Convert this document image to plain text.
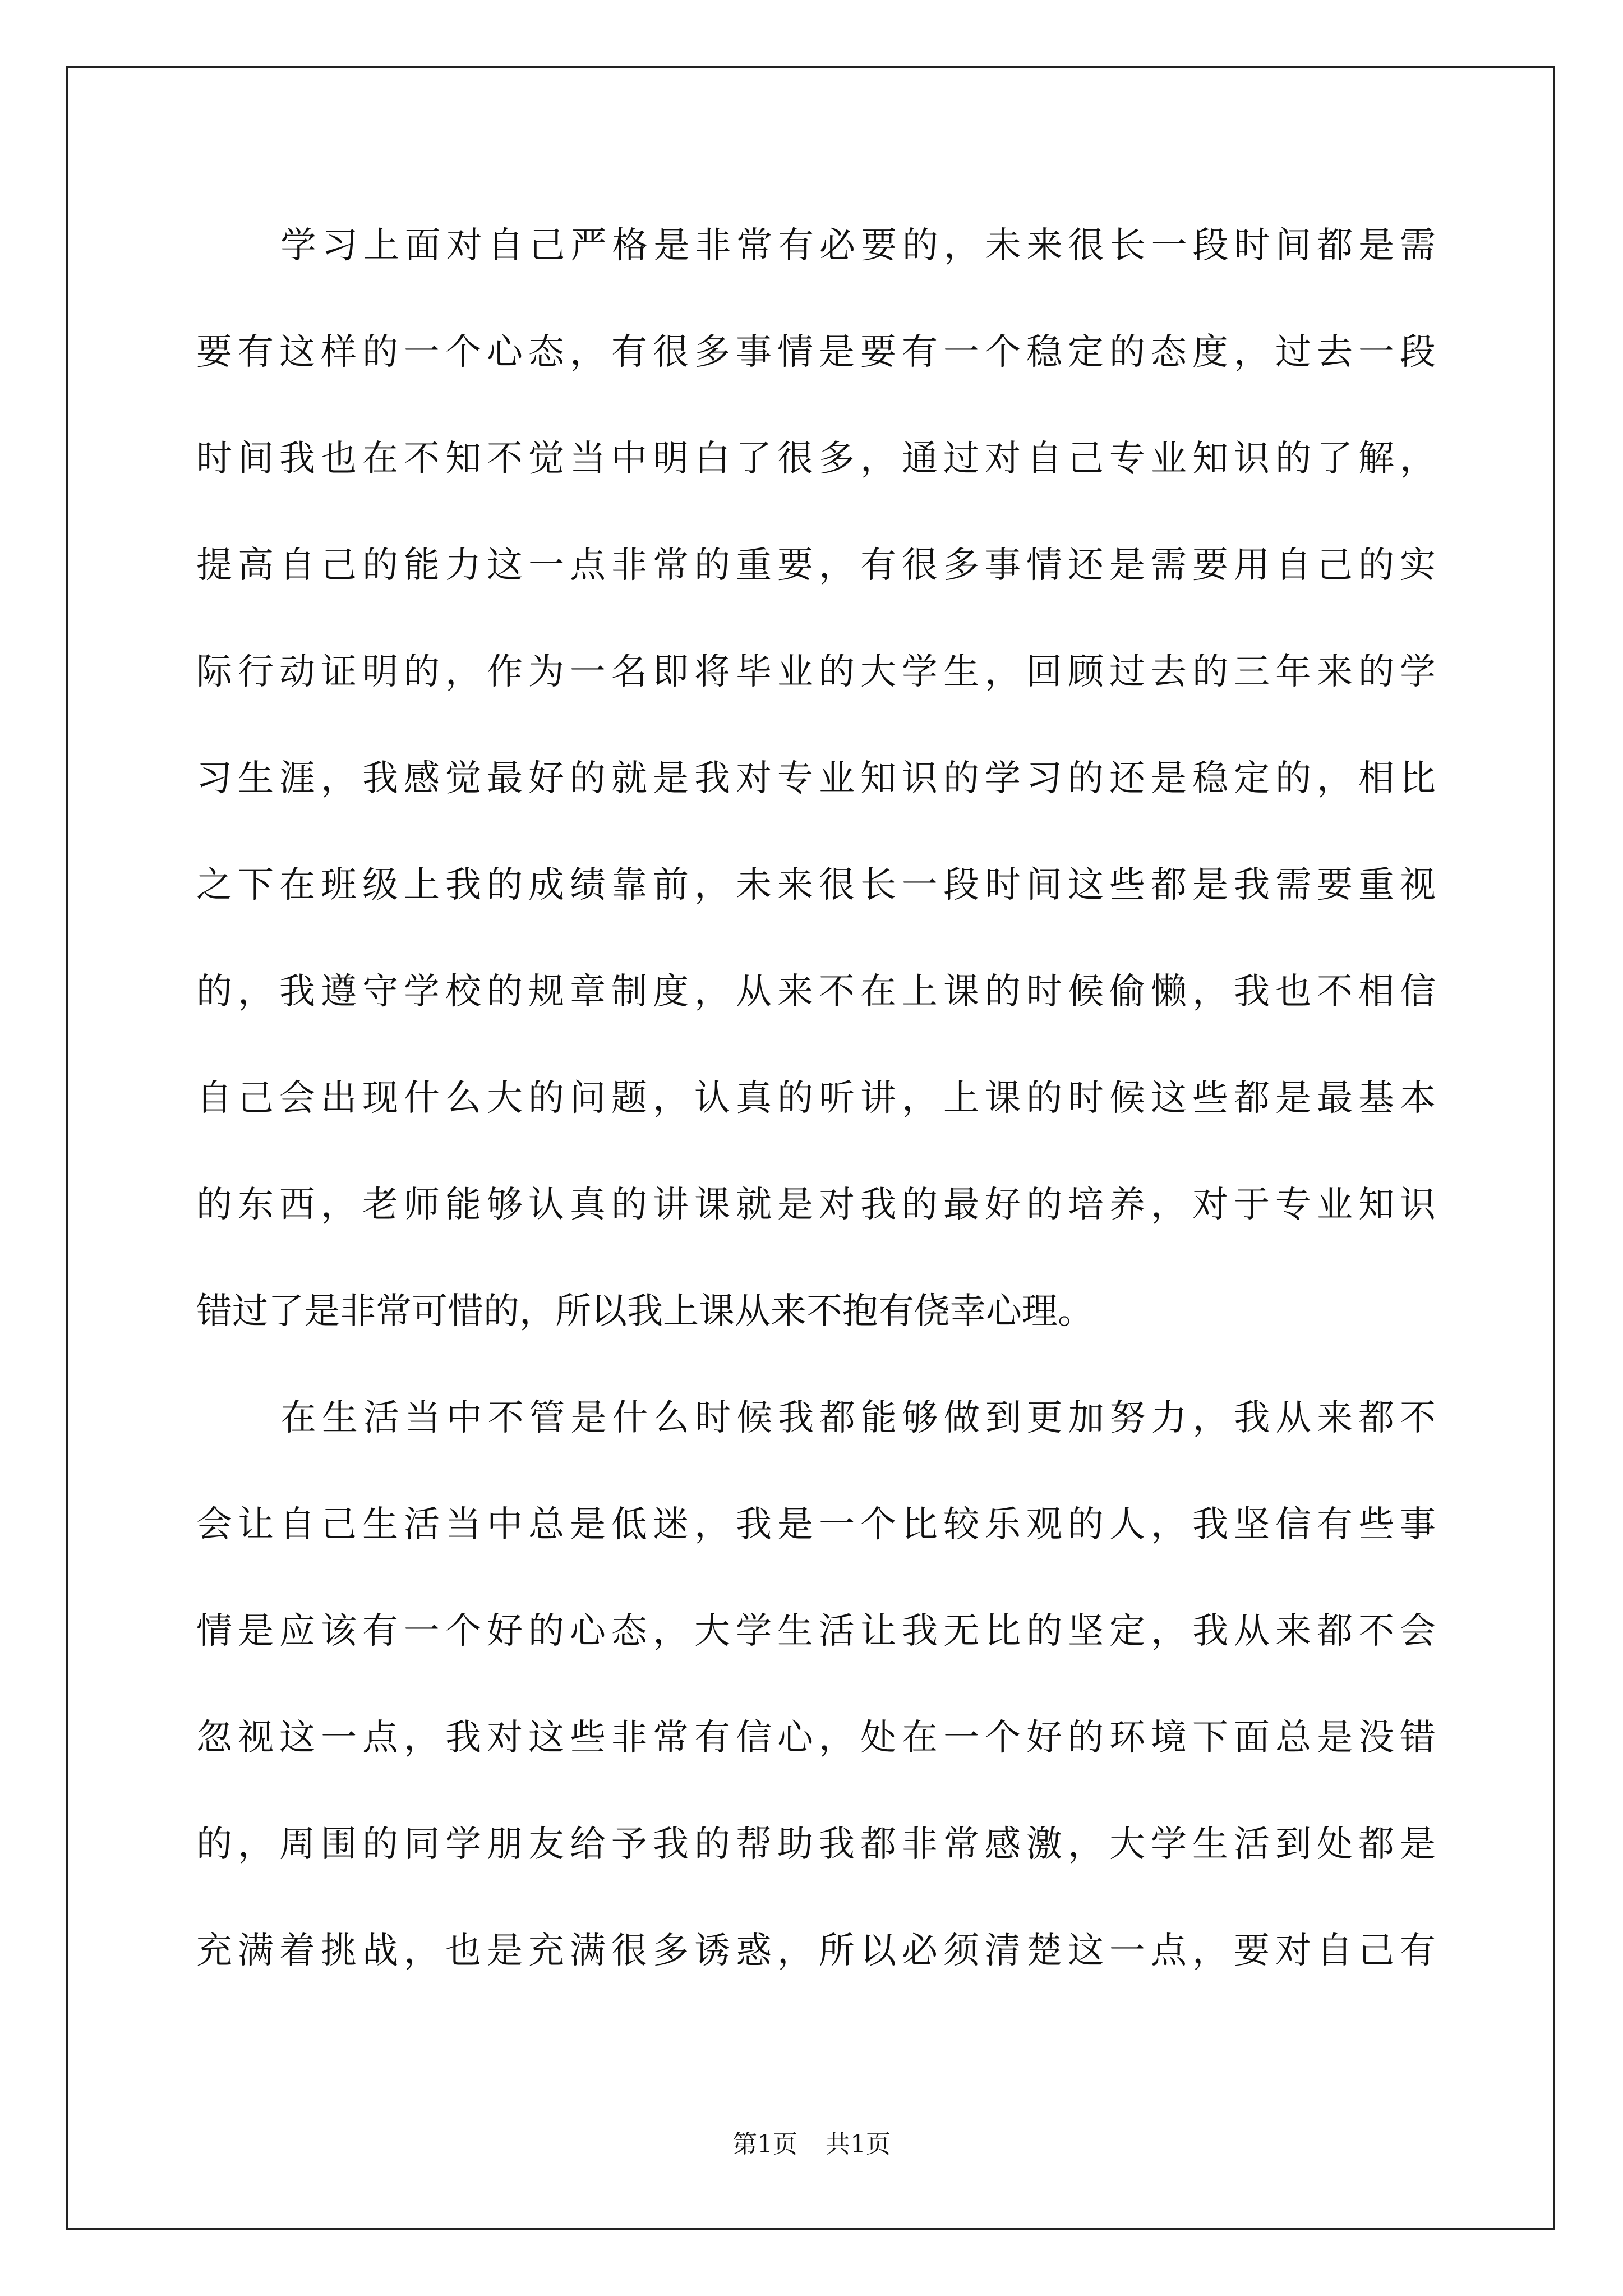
学习上面对自己严格是非常有必要的，未来很长一段时间都是需
要有这样的一个心态，有很多事情是要有一个稳定的态度，过去一段
时间我也在不知不觉当中明白了很多，通过对自己专业知识的了解，
提高自己的能力这一点非常的重要，有很多事情还是需要用自己的实
际行动证明的，作为一名即将毕业的大学生，回顾过去的三年来的学
习生涯，我感觉最好的就是我对专业知识的学习的还是稳定的，相比
之下在班级上我的成绩靠前，未来很长一段时间这些都是我需要重视
的，我遵守学校的规章制度，从来不在上课的时候偷懒，我也不相信
自己会出现什么大的问题，认真的听讲，上课的时候这些都是最基本
的东西，老师能够认真的讲课就是对我的最好的培养，对于专业知识
错过了是非常可惜的，所以我上课从来不抱有侥幸心理。
在生活当中不管是什么时候我都能够做到更加努力，我从来都不
会让自己生活当中总是低迷，我是一个比较乐观的人，我坚信有些事
情是应该有一个好的心态，大学生活让我无比的坚定，我从来都不会
忽视这一点，我对这些非常有信心，处在一个好的环境下面总是没错
的，周围的同学朋友给予我的帮助我都非常感激，大学生活到处都是
充满着挑战，也是充满很多诱惑，所以必须清楚这一点，要对自己有
第1页 共1页
